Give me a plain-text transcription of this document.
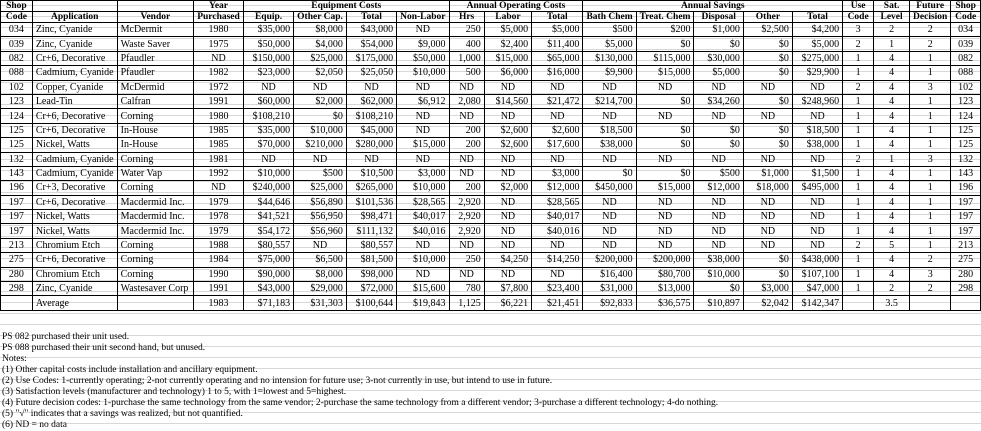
Shop			Year	Equipment Costs				Annual Operating Costs			Annual Savings					Use	Sat.	Future	Shop
Code	Application	Vendor	Purchased	Equip.	Other Cap.	Total	Non-Labor	Hrs	Labor	Total	Bath Chem	Treat. Chem	Disposal	Other	Total	Code	Level	Decision	Code
034	Zinc, Cyanide	McDermit	1980	$35,000	$8,000	$43,000	ND	250	$5,000	$5,000	$500	$200	$1,000	$2,500	$4,200	3	2	2	034
039	Zinc, Cyanide	Waste Saver	1975	$50,000	$4,000	$54,000	$9,000	400	$2,400	$11,400	$5,000	$0	$0	$0	$5,000	2	1	2	039
082	Cr+6, Decorative	Pfaudler	ND	$150,000	$25,000	$175,000	$50,000	1,000	$15,000	$65,000	$130,000	$115,000	$30,000	$0	$275,000	1	4	1	082
088	Cadmium, Cyanide	Pfaudler	1982	$23,000	$2,050	$25,050	$10,000	500	$6,000	$16,000	$9,900	$15,000	$5,000	$0	$29,900	1	4	1	088
102	Copper, Cyanide	McDermid	1972	ND	ND	ND	ND	ND	ND	ND	ND	ND	ND	ND	ND	2	4	3	102
123	Lead-Tin	Calfran	1991	$60,000	$2,000	$62,000	$6,912	2,080	$14,560	$21,472	$214,700	$0	$34,260	$0	$248,960	1	4	1	123
124	Cr+6, Decorative	Corning	1980	$108,210	$0	$108,210	ND	ND	ND	ND	ND	ND	ND	ND	ND	1	4	1	124
125	Cr+6, Decorative	In-House	1985	$35,000	$10,000	$45,000	ND	200	$2,600	$2,600	$18,500	$0	$0	$0	$18,500	1	4	1	125
125	Nickel, Watts	In-House	1985	$70,000	$210,000	$280,000	$15,000	200	$2,600	$17,600	$38,000	$0	$0	$0	$38,000	1	4	1	125
132	Cadmium, Cyanide	Corning	1981	ND	ND	ND	ND	ND	ND	ND	ND	ND	ND	ND	ND	2	1	3	132
143	Cadmium, Cyanide	Water Vap	1992	$10,000	$500	$10,500	$3,000	ND	ND	$3,000	$0	$0	$500	$1,000	$1,500	1	4	1	143
196	Cr+3, Decorative	Corning	ND	$240,000	$25,000	$265,000	$10,000	200	$2,000	$12,000	$450,000	$15,000	$12,000	$18,000	$495,000	1	4	1	196
197	Cr+6, Decorative	Macdermid Inc.	1979	$44,646	$56,890	$101,536	$28,565	2,920	ND	$28,565	ND	ND	ND	ND	ND	1	4	1	197
197	Nickel, Watts	Macdermid Inc.	1978	$41,521	$56,950	$98,471	$40,017	2,920	ND	$40,017	ND	ND	ND	ND	ND	1	4	1	197
197	Nickel, Watts	Macdermid Inc.	1979	$54,172	$56,960	$111,132	$40,016	2,920	ND	$40,016	ND	ND	ND	ND	ND	1	4	1	197
213	Chromium Etch	Corning	1988	$80,557	ND	$80,557	ND	ND	ND	ND	ND	ND	ND	ND	ND	2	5	1	213
275	Cr+6, Decorative	Corning	1984	$75,000	$6,500	$81,500	$10,000	250	$4,250	$14,250	$200,000	$200,000	$38,000	$0	$438,000	1	4	2	275
280	Chromium Etch	Corning	1990	$90,000	$8,000	$98,000	ND	ND	ND	ND	$16,400	$80,700	$10,000	$0	$107,100	1	4	3	280
298	Zinc, Cyanide	Wastesaver Corp	1991	$43,000	$29,000	$72,000	$15,600	780	$7,800	$23,400	$31,000	$13,000	$0	$3,000	$47,000	1	2	2	298
	Average		1983	$71,183	$31,303	$100,644	$19,843	1,125	$6,221	$21,451	$92,833	$36,575	$10,897	$2,042	$142,347		3.5		
PS 082 purchased their unit used.
PS 088 purchased their unit second hand, but unused.
Notes:
(1) Other capital costs include installation and ancillary equipment.
(2) Use Codes: 1-currently operating; 2-not currently operating and no intension for future use; 3-not currently in use, but intend to use in future.
(3) Satisfaction levels (manufacturer and technology) 1 to 5, with 1=lowest and 5=highest.
(4) Future decision codes: 1-purchase the same technology from the same vendor; 2-purchase the same technology from a different vendor; 3-purchase a different technology; 4-do nothing.
(5) "√" indicates that a savings was realized, but not quantified.
(6) ND = no data
